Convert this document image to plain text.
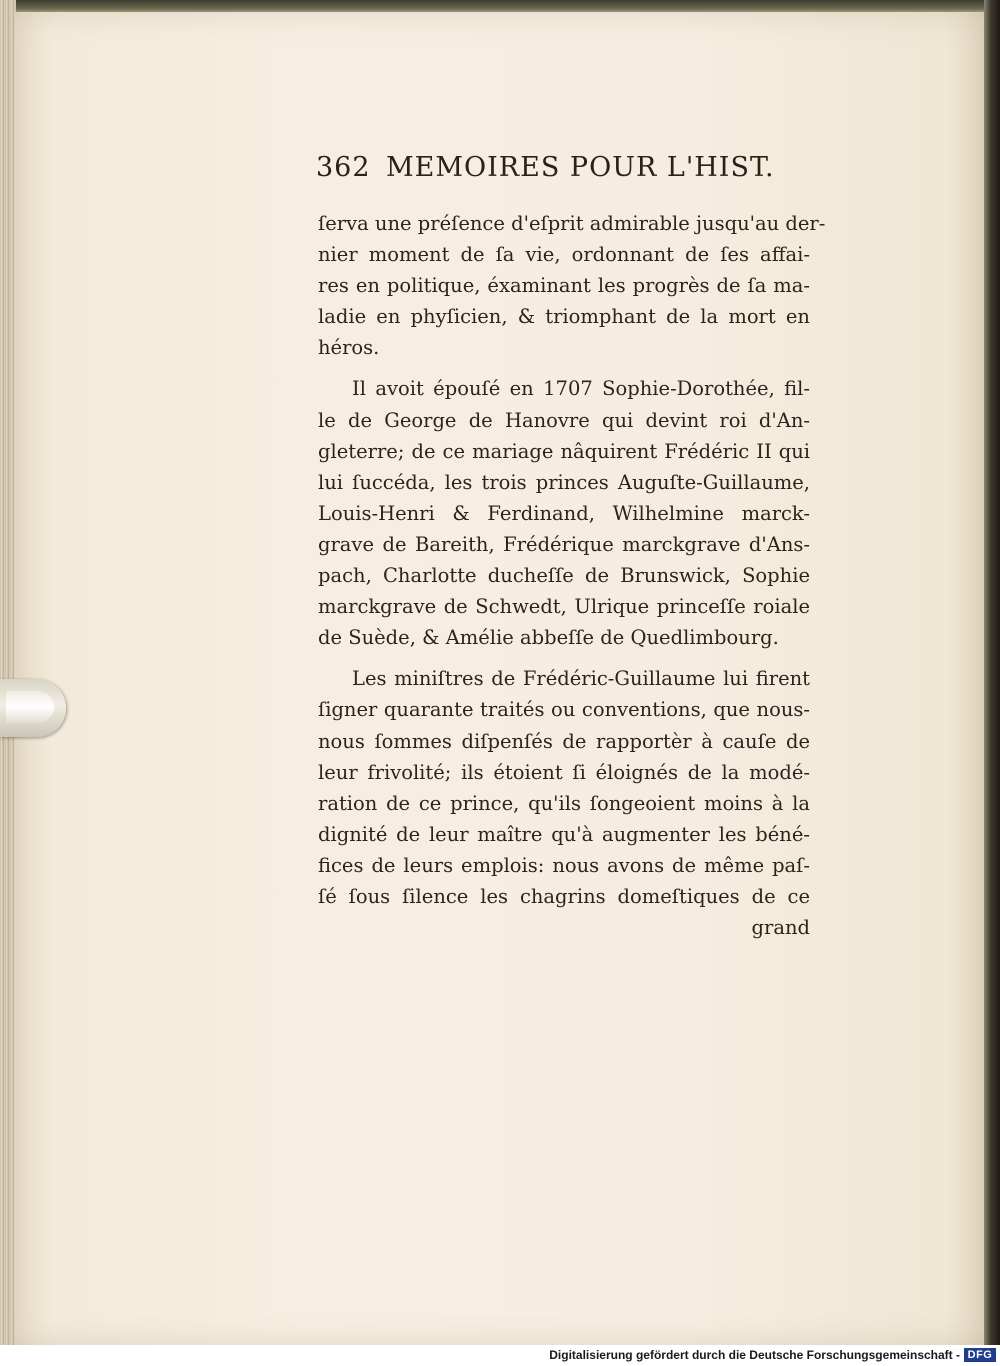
362 MEMOIRES POUR L'HIST.
ſerva une préſence d'eſprit admirable jusqu'au der-
nier moment de ſa vie, ordonnant de ſes affai-
res en politique, éxaminant les progrès de ſa ma-
ladie en phyſicien, & triomphant de la mort en
héros.
Il avoit épouſé en 1707 Sophie-Dorothée, fil-
le de George de Hanovre qui devint roi d'An-
gleterre; de ce mariage nâquirent Frédéric II qui
lui ſuccéda, les trois princes Auguſte-Guillaume,
Louis-Henri & Ferdinand, Wilhelmine marck-
grave de Bareith, Frédérique marckgrave d'Ans-
pach, Charlotte ducheſſe de Brunswick, Sophie
marckgrave de Schwedt, Ulrique princeſſe roiale
de Suède, & Amélie abbeſſe de Quedlimbourg.
Les miniſtres de Frédéric-Guillaume lui firent
ſigner quarante traités ou conventions, que nous-
nous ſommes diſpenſés de rapportèr à cauſe de
leur frivolité; ils étoient ſi éloignés de la modé-
ration de ce prince, qu'ils ſongeoient moins à la
dignité de leur maître qu'à augmenter les béné-
fices de leurs emplois: nous avons de même paſ-
ſé ſous ſilence les chagrins domeſtiques de ce
grand
Digitalisierung gefördert durch die Deutsche Forschungsgemeinschaft - DFG
